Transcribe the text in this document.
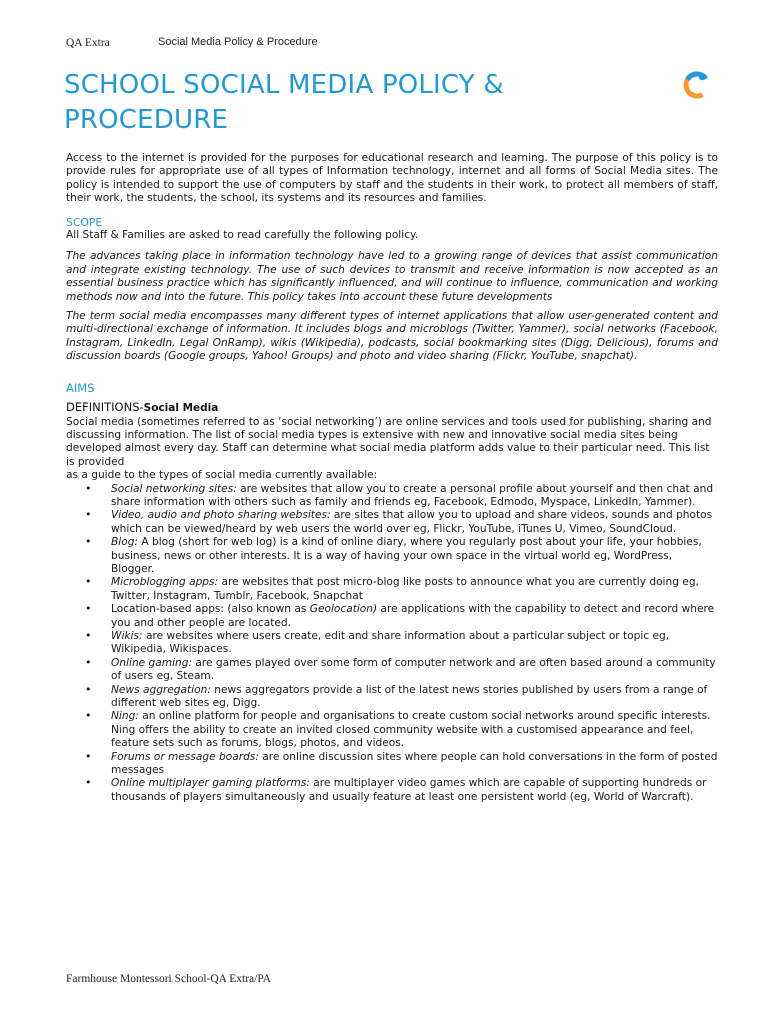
QA Extra	Social Media Policy & Procedure
SCHOOL SOCIAL MEDIA POLICY & PROCEDURE

Access to the internet is provided for the purposes for educational research and learning. The purpose of this policy is to provide rules for appropriate use of all types of Information technology, internet and all forms of Social Media sites. The policy is intended to support the use of computers by staff and the students in their work, to protect all members of staff, their work, the students, the school, its systems and its resources and families.

SCOPE

All Staff & Families are asked to read carefully the following policy.

The advances taking place in information technology have led to a growing range of devices that assist communication and integrate existing technology. The use of such devices to transmit and receive information is now accepted as an essential business practice which has significantly influenced, and will continue to influence, communication and working methods now and into the future. This policy takes into account these future developments

The term social media encompasses many different types of internet applications that allow user-generated content and multi-directional exchange of information. It includes blogs and microblogs (Twitter, Yammer), social networks (Facebook, Instagram, LinkedIn, Legal OnRamp), wikis (Wikipedia), podcasts, social bookmarking sites (Digg, Delicious), forums and discussion boards (Google groups, Yahoo! Groups) and photo and video sharing (Flickr, YouTube, snapchat).

AIMS
DEFINITIONS-Social Media

Social media (sometimes referred to as ‘social networking’) are online services and tools used for publishing, sharing and discussing information. The list of social media types is extensive with new and innovative social media sites being developed almost every day. Staff can determine what social media platform adds value to their particular need. This list is provided

as a guide to the types of social media currently available:

• Social networking sites: are websites that allow you to create a personal profile about yourself and then chat and share information with others such as family and friends eg, Facebook, Edmodo, Myspace, LinkedIn, Yammer).
• Video, audio and photo sharing websites: are sites that allow you to upload and share videos, sounds and photos which can be viewed/heard by web users the world over eg, Flickr, YouTube, iTunes U, Vimeo, SoundCloud.
• Blog: A blog (short for web log) is a kind of online diary, where you regularly post about your life, your hobbies, business, news or other interests. It is a way of having your own space in the virtual world eg, WordPress, Blogger.
• Microblogging apps: are websites that post micro-blog like posts to announce what you are currently doing eg, Twitter, Instagram, Tumblr, Facebook, Snapchat
• Location-based apps: (also known as Geolocation) are applications with the capability to detect and record where you and other people are located.
• Wikis: are websites where users create, edit and share information about a particular subject or topic eg, Wikipedia, Wikispaces.
• Online gaming: are games played over some form of computer network and are often based around a community of users eg, Steam.
• News aggregation: news aggregators provide a list of the latest news stories published by users from a range of different web sites eg, Digg.
• Ning: an online platform for people and organisations to create custom social networks around specific interests. Ning offers the ability to create an invited closed community website with a customised appearance and feel, feature sets such as forums, blogs, photos, and videos.
• Forums or message boards: are online discussion sites where people can hold conversations in the form of posted messages
• Online multiplayer gaming platforms: are multiplayer video games which are capable of supporting hundreds or thousands of players simultaneously and usually feature at least one persistent world (eg, World of Warcraft).
Farmhouse Montessori School-QA Extra/PA
